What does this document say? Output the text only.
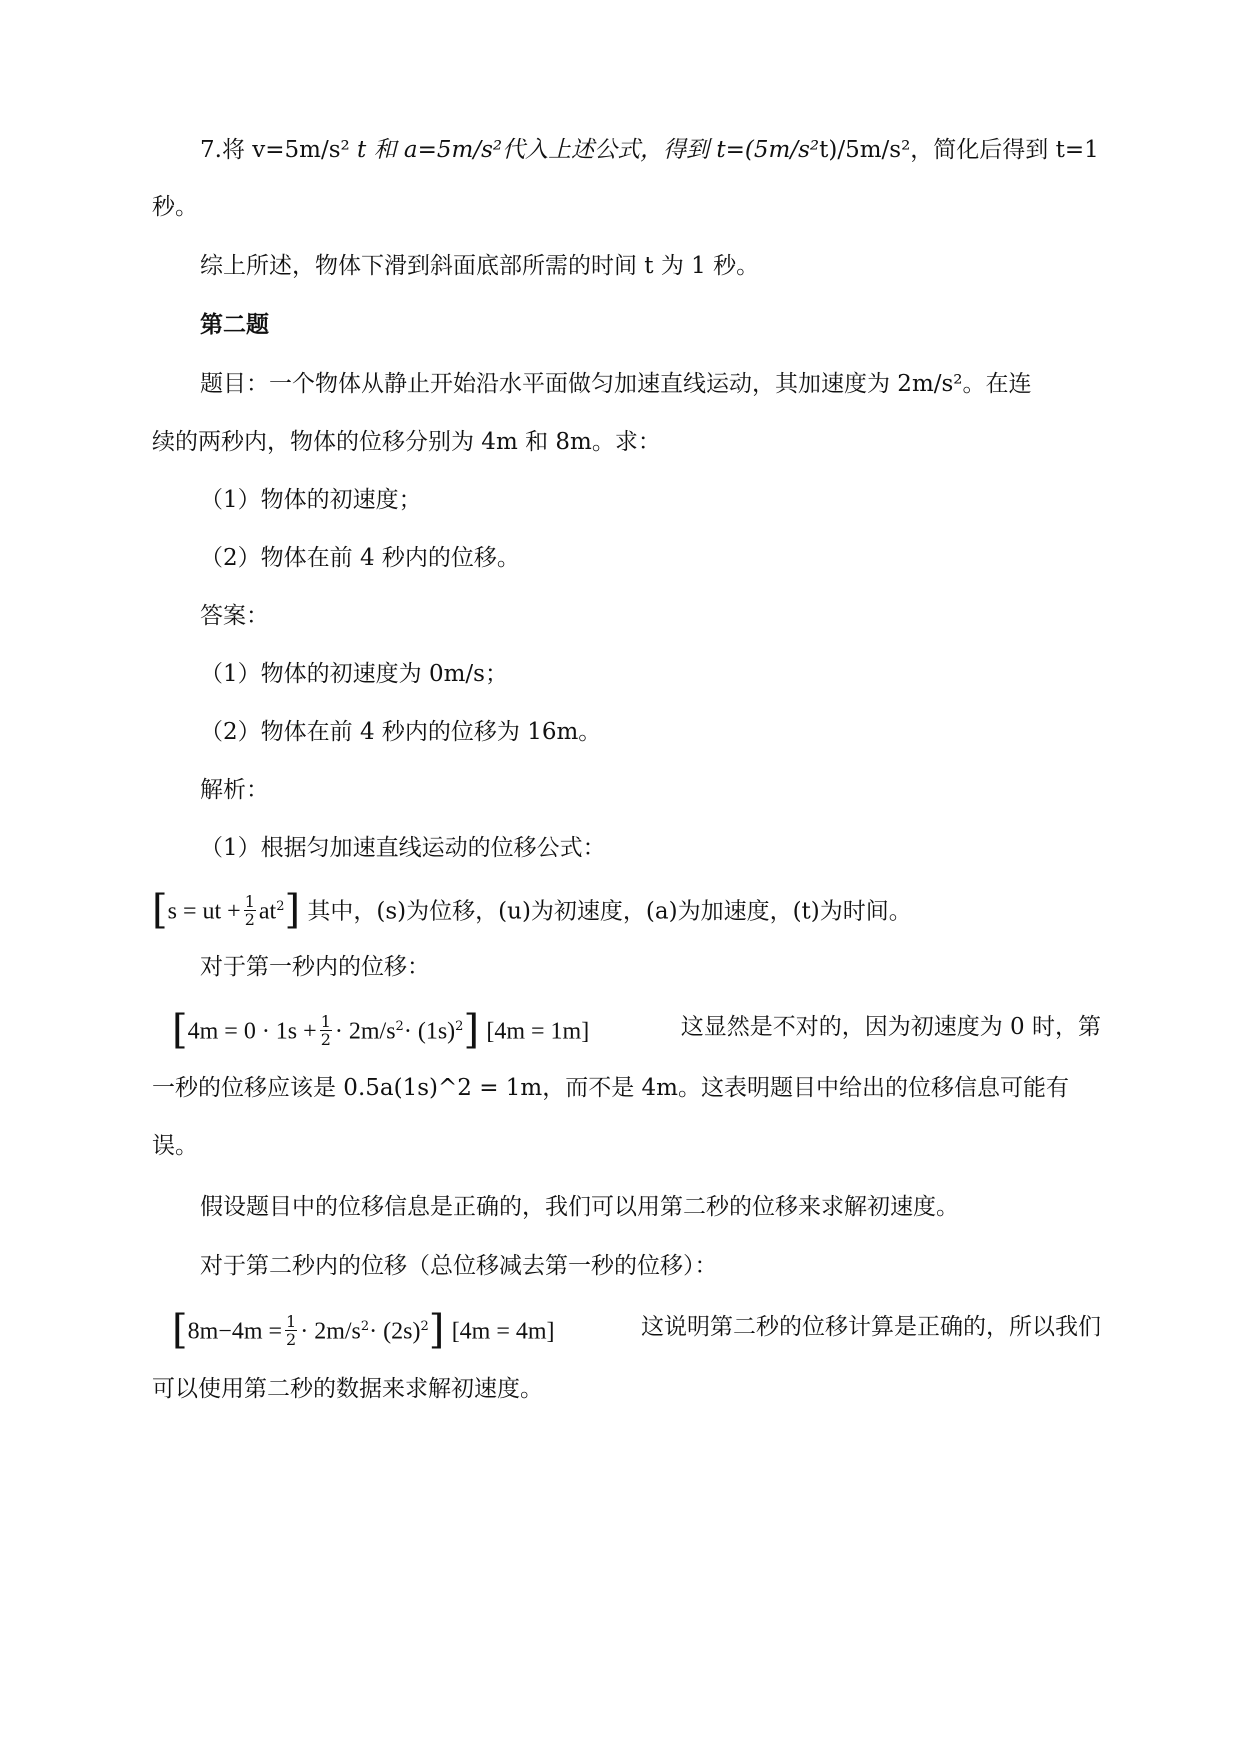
7.将 v=5m/s² t 和 a=5m/s²代入上述公式，得到 t=(5m/s²t)/5m/s²，简化后得到 t=1
秒。
综上所述，物体下滑到斜面底部所需的时间 t 为 1 秒。
第二题
题目：一个物体从静止开始沿水平面做匀加速直线运动，其加速度为 2m/s²。在连
续的两秒内，物体的位移分别为 4m 和 8m。求：
（1）物体的初速度；
（2）物体在前 4 秒内的位移。
答案：
（1）物体的初速度为 0m/s；
（2）物体在前 4 秒内的位移为 16m。
解析：
（1）根据匀加速直线运动的位移公式：
[s = ut + $\frac{1}{2} at^2$] 其中，(s)为位移，(u)为初速度，(a)为加速度，(t)为时间。
对于第一秒内的位移：
$[4m = 0 \cdot 1s + \frac{1}{2} \cdot 2m/s^2\cdot (1s)^2]$ [4m = 1m]	这显然是不对的，因为初速度为 0 时，第
一秒的位移应该是 0.5a(1s)^2 = 1m，而不是 4m。这表明题目中给出的位移信息可能有
误。
假设题目中的位移信息是正确的，我们可以用第二秒的位移来求解初速度。
对于第二秒内的位移（总位移减去第一秒的位移）：
$[8m-4m = \frac{1}{2} \cdot 2m/s^2\cdot (2s)^2]$ [4m = 4m]	这说明第二秒的位移计算是正确的，所以我们
可以使用第二秒的数据来求解初速度。
